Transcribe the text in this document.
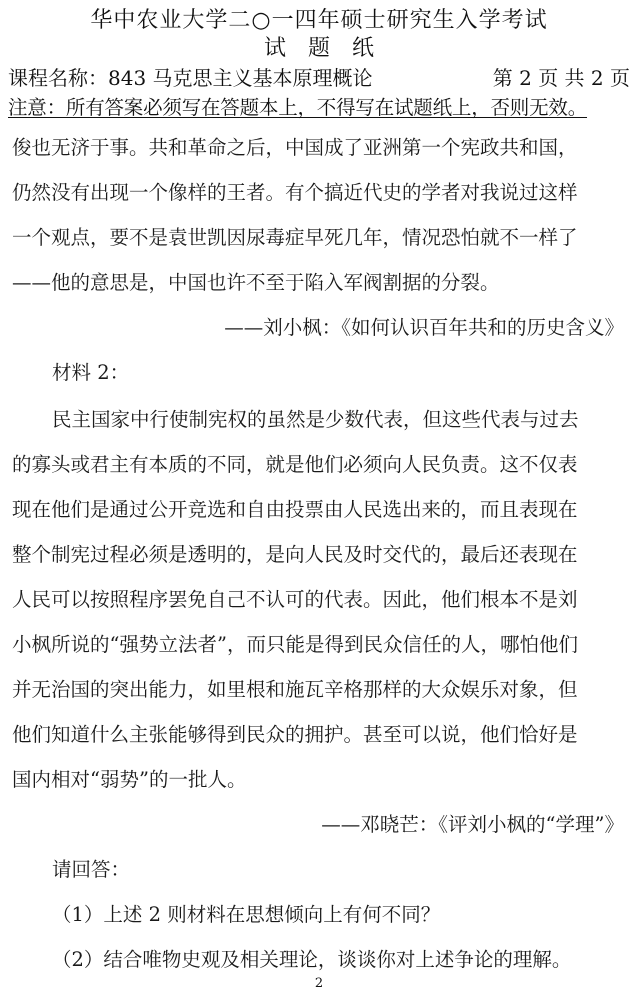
华中农业大学二○一四年硕士研究生入学考试
试题纸
课程名称：843 马克思主义基本原理概论	第 2 页 共 2 页
注意：所有答案必须写在答题本上，不得写在试题纸上，否则无效。
俊也无济于事。共和革命之后，中国成了亚洲第一个宪政共和国，
仍然没有出现一个像样的王者。有个搞近代史的学者对我说过这样
一个观点，要不是袁世凯因尿毒症早死几年，情况恐怕就不一样了
——他的意思是，中国也许不至于陷入军阀割据的分裂。
——刘小枫：《如何认识百年共和的历史含义》
材料 2：
民主国家中行使制宪权的虽然是少数代表，但这些代表与过去
的寡头或君主有本质的不同，就是他们必须向人民负责。这不仅表
现在他们是通过公开竞选和自由投票由人民选出来的，而且表现在
整个制宪过程必须是透明的，是向人民及时交代的，最后还表现在
人民可以按照程序罢免自己不认可的代表。因此，他们根本不是刘
小枫所说的“强势立法者”，而只能是得到民众信任的人，哪怕他们
并无治国的突出能力，如里根和施瓦辛格那样的大众娱乐对象，但
他们知道什么主张能够得到民众的拥护。甚至可以说，他们恰好是
国内相对“弱势”的一批人。
——邓晓芒：《评刘小枫的“学理”》
请回答：
（1）上述 2 则材料在思想倾向上有何不同？
（2）结合唯物史观及相关理论，谈谈你对上述争论的理解。
2
